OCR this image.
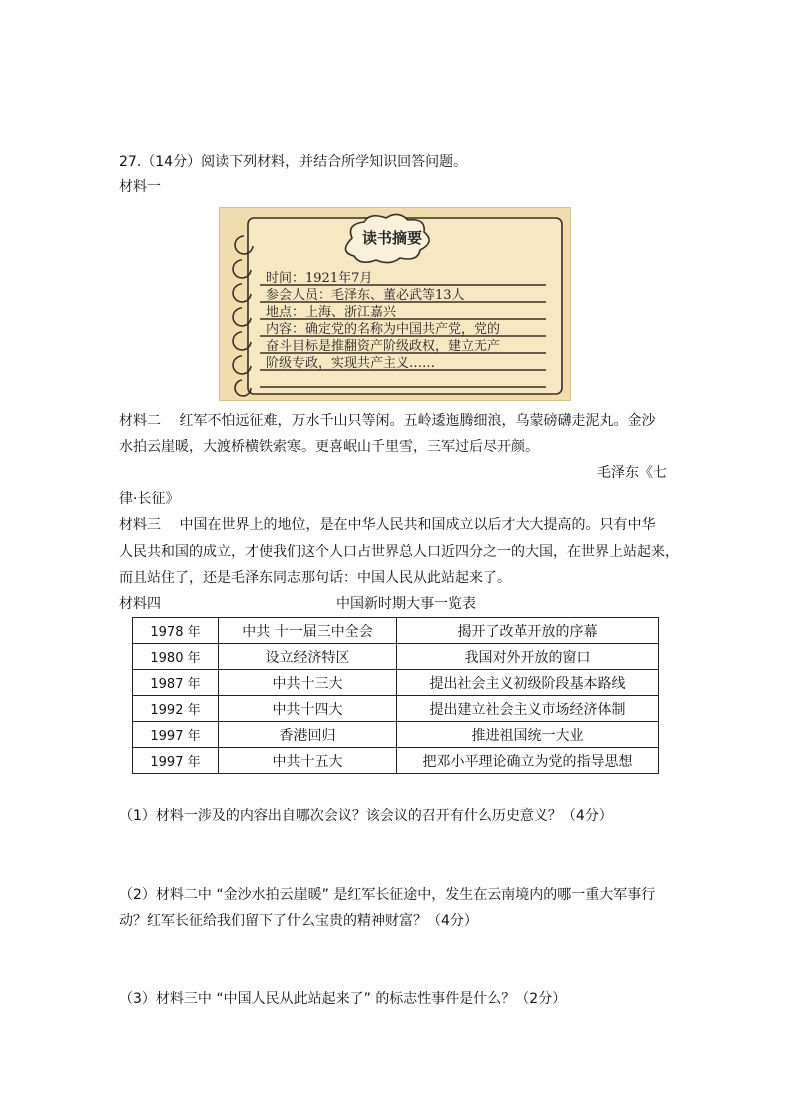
27.（14分）阅读下列材料，并结合所学知识回答问题。
材料一
读书摘要
时间：1921年7月
参会人员：毛泽东、董必武等13人
地点：上海、浙江嘉兴
内容：确定党的名称为中国共产党，党的
奋斗目标是推翻资产阶级政权，建立无产
阶级专政，实现共产主义……
材料二　 红军不怕远征难，万水千山只等闲。五岭逶迤腾细浪，乌蒙磅礴走泥丸。金沙
水拍云崖暖，大渡桥横铁索寒。更喜岷山千里雪，三军过后尽开颜。
毛泽东《七
律·长征》
材料三　 中国在世界上的地位，是在中华人民共和国成立以后才大大提高的。只有中华
人民共和国的成立，才使我们这个人口占世界总人口近四分之一的大国，在世界上站起来，
而且站住了，还是毛泽东同志那句话：中国人民从此站起来了。
材料四	中国新时期大事一览表
1978 年	中共 十一届三中全会	揭开了改革开放的序幕
1980 年	设立经济特区	我国对外开放的窗口
1987 年	中共十三大	提出社会主义初级阶段基本路线
1992 年	中共十四大	提出建立社会主义市场经济体制
1997 年	香港回归	推进祖国统一大业
1997 年	中共十五大	把邓小平理论确立为党的指导思想
（1）材料一涉及的内容出自哪次会议？该会议的召开有什么历史意义？（4分）
（2）材料二中 “金沙水拍云崖暖” 是红军长征途中，发生在云南境内的哪一重大军事行
动？红军长征给我们留下了什么宝贵的精神财富？（4分）
（3）材料三中 “中国人民从此站起来了” 的标志性事件是什么？（2分）
